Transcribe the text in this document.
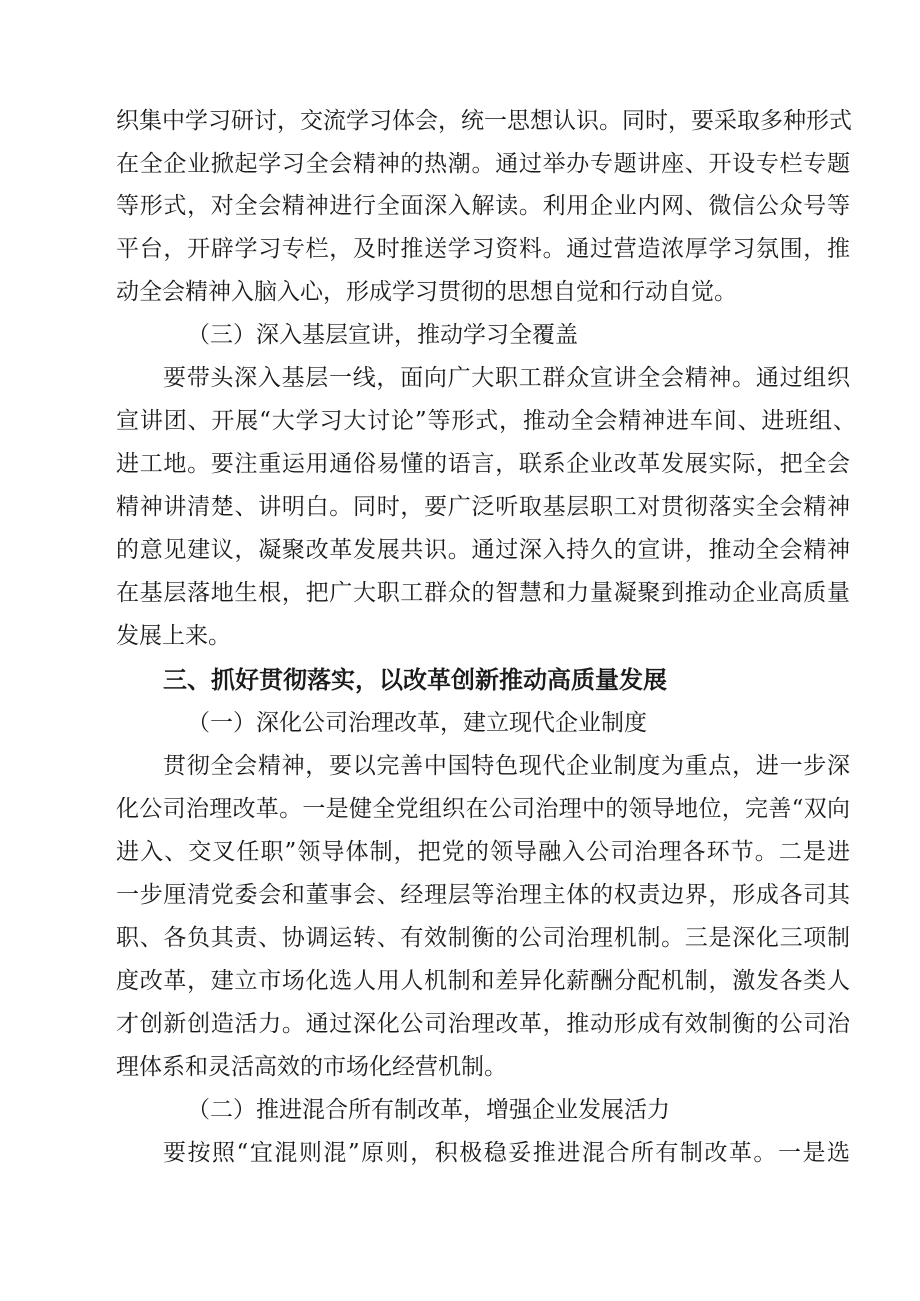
织集中学习研讨，交流学习体会，统一思想认识。同时，要采取多种形式
在全企业掀起学习全会精神的热潮。通过举办专题讲座、开设专栏专题
等形式，对全会精神进行全面深入解读。利用企业内网、微信公众号等
平台，开辟学习专栏，及时推送学习资料。通过营造浓厚学习氛围，推
动全会精神入脑入心，形成学习贯彻的思想自觉和行动自觉。
（三）深入基层宣讲，推动学习全覆盖
要带头深入基层一线，面向广大职工群众宣讲全会精神。通过组织
宣讲团、开展“大学习大讨论”等形式，推动全会精神进车间、进班组、
进工地。要注重运用通俗易懂的语言，联系企业改革发展实际，把全会
精神讲清楚、讲明白。同时，要广泛听取基层职工对贯彻落实全会精神
的意见建议，凝聚改革发展共识。通过深入持久的宣讲，推动全会精神
在基层落地生根，把广大职工群众的智慧和力量凝聚到推动企业高质量
发展上来。
三、抓好贯彻落实，以改革创新推动高质量发展
（一）深化公司治理改革，建立现代企业制度
贯彻全会精神，要以完善中国特色现代企业制度为重点，进一步深
化公司治理改革。一是健全党组织在公司治理中的领导地位，完善“双向
进入、交叉任职”领导体制，把党的领导融入公司治理各环节。二是进
一步厘清党委会和董事会、经理层等治理主体的权责边界，形成各司其
职、各负其责、协调运转、有效制衡的公司治理机制。三是深化三项制
度改革，建立市场化选人用人机制和差异化薪酬分配机制，激发各类人
才创新创造活力。通过深化公司治理改革，推动形成有效制衡的公司治
理体系和灵活高效的市场化经营机制。
（二）推进混合所有制改革，增强企业发展活力
要按照“宜混则混”原则，积极稳妥推进混合所有制改革。一是选
